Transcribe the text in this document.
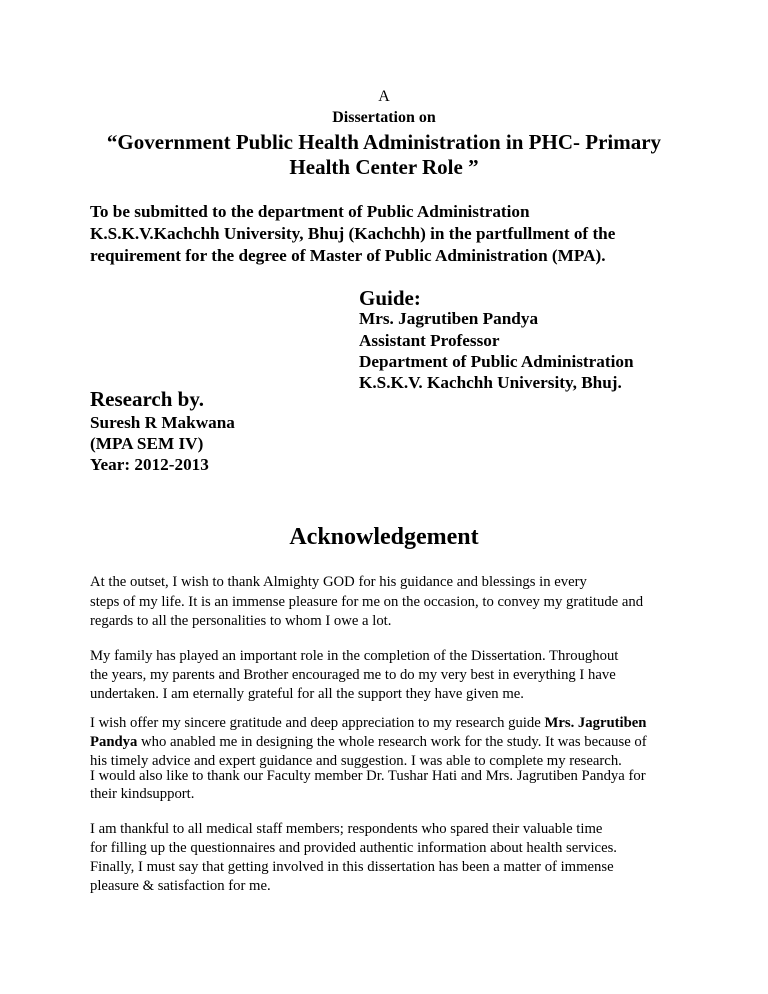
A
Dissertation on
“Government Public Health Administration in PHC- Primary
Health Center Role ”
To be submitted to the department of Public Administration
K.S.K.V.Kachchh University, Bhuj (Kachchh) in the partfullment of the
requirement for the degree of Master of Public Administration (MPA).
Guide:
Mrs. Jagrutiben Pandya
Assistant Professor
Department of Public Administration
K.S.K.V. Kachchh University, Bhuj.
Research by.
Suresh R Makwana
(MPA SEM IV)
Year: 2012-2013
Acknowledgement
At the outset, I wish to thank Almighty GOD for his guidance and blessings in every
steps of my life. It is an immense pleasure for me on the occasion, to convey my gratitude and
regards to all the personalities to whom I owe a lot.
My family has played an important role in the completion of the Dissertation. Throughout
the years, my parents and Brother encouraged me to do my very best in everything I have
undertaken. I am eternally grateful for all the support they have given me.
I wish offer my sincere gratitude and deep appreciation to my research guide Mrs. Jagrutiben
Pandya who anabled me in designing the whole research work for the study. It was because of
his timely advice and expert guidance and suggestion. I was able to complete my research.
I would also like to thank our Faculty member Dr. Tushar Hati and Mrs. Jagrutiben Pandya for
their kindsupport.
I am thankful to all medical staff members; respondents who spared their valuable time
for filling up the questionnaires and provided authentic information about health services.
Finally, I must say that getting involved in this dissertation has been a matter of immense
pleasure & satisfaction for me.
